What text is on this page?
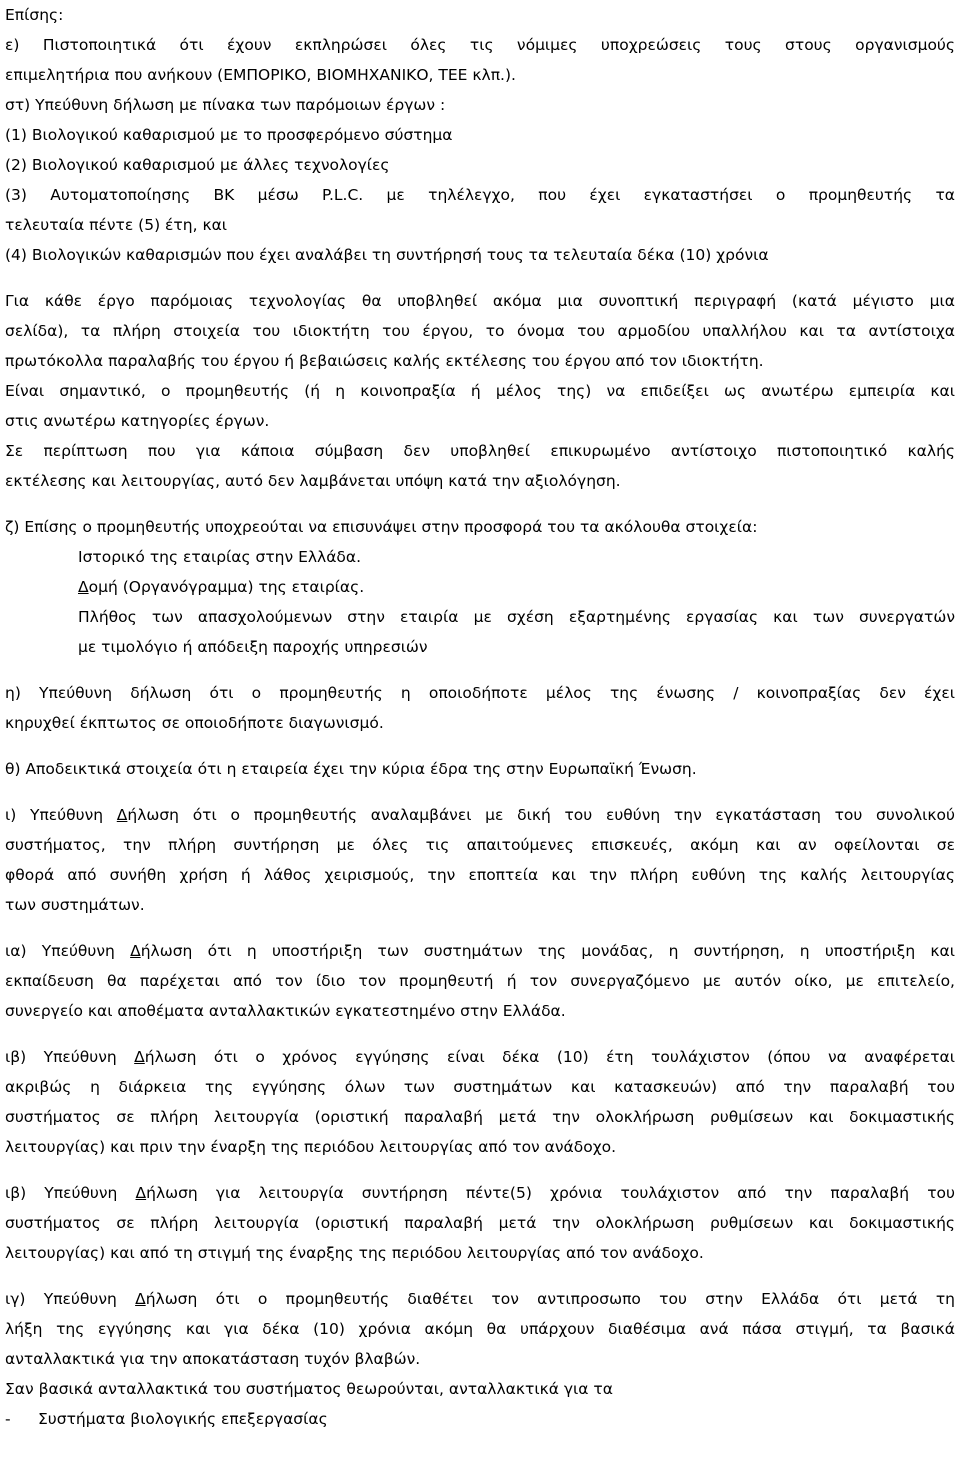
Επίσης:
ε) Πιστοποιητικά ότι έχουν εκπληρώσει όλες τις νόμιμες υποχρεώσεις τους στους οργανισμούς
επιμελητήρια που ανήκουν (ΕΜΠΟΡΙΚΟ, ΒΙΟΜΗΧΑΝΙΚΟ, ΤΕΕ κλπ.).
στ) Υπεύθυνη δήλωση με πίνακα των παρόμοιων έργων :
(1) Βιολογικού καθαρισμού με το προσφερόμενο σύστημα
(2) Βιολογικού καθαρισμού με άλλες τεχνολογίες
(3) Αυτοματοποίησης ΒΚ μέσω P.L.C. με τηλέλεγχο, που έχει εγκαταστήσει ο προμηθευτής τα
τελευταία πέντε (5) έτη, και
(4) Βιολογικών καθαρισμών που έχει αναλάβει τη συντήρησή τους τα τελευταία δέκα (10) χρόνια
Για κάθε έργο παρόμοιας τεχνολογίας θα υποβληθεί ακόμα μια συνοπτική περιγραφή (κατά μέγιστο μια
σελίδα), τα πλήρη στοιχεία του ιδιοκτήτη του έργου, το όνομα του αρμοδίου υπαλλήλου και τα αντίστοιχα
πρωτόκολλα παραλαβής του έργου ή βεβαιώσεις καλής εκτέλεσης του έργου από τον ιδιοκτήτη.
Είναι σημαντικό, ο προμηθευτής (ή η κοινοπραξία ή μέλος της) να επιδείξει ως ανωτέρω εμπειρία και
στις ανωτέρω κατηγορίες έργων.
Σε περίπτωση που για κάποια σύμβαση δεν υποβληθεί επικυρωμένο αντίστοιχο πιστοποιητικό καλής
εκτέλεσης και λειτουργίας, αυτό δεν λαμβάνεται υπόψη κατά την αξιολόγηση.
ζ) Επίσης ο προμηθευτής υποχρεούται να επισυνάψει στην προσφορά του τα ακόλουθα στοιχεία:
Ιστορικό της εταιρίας στην Ελλάδα.
Δομή (Οργανόγραμμα) της εταιρίας.
Πλήθος των απασχολούμενων στην εταιρία με σχέση εξαρτημένης εργασίας και των συνεργατών
με τιμολόγιο ή απόδειξη παροχής υπηρεσιών
η) Υπεύθυνη δήλωση ότι ο προμηθευτής η οποιοδήποτε μέλος της ένωσης / κοινοπραξίας δεν έχει
κηρυχθεί έκπτωτος σε οποιοδήποτε διαγωνισμό.
θ) Αποδεικτικά στοιχεία ότι η εταιρεία έχει την κύρια έδρα της στην Ευρωπαϊκή Ένωση.
ι) Υπεύθυνη Δήλωση ότι ο προμηθευτής αναλαμβάνει με δική του ευθύνη την εγκατάσταση του συνολικού
συστήματος, την πλήρη συντήρηση με όλες τις απαιτούμενες επισκευές, ακόμη και αν οφείλονται σε
φθορά από συνήθη χρήση ή λάθος χειρισμούς, την εποπτεία και την πλήρη ευθύνη της καλής λειτουργίας
των συστημάτων.
ια) Υπεύθυνη Δήλωση ότι η υποστήριξη των συστημάτων της μονάδας, η συντήρηση, η υποστήριξη και
εκπαίδευση θα παρέχεται από τον ίδιο τον προμηθευτή ή τον συνεργαζόμενο με αυτόν οίκο, με επιτελείο,
συνεργείο και αποθέματα ανταλλακτικών εγκατεστημένο στην Ελλάδα.
ιβ) Υπεύθυνη Δήλωση ότι ο χρόνος εγγύησης είναι δέκα (10) έτη τουλάχιστον (όπου να αναφέρεται
ακριβώς η διάρκεια της εγγύησης όλων των συστημάτων και κατασκευών) από την παραλαβή του
συστήματος σε πλήρη λειτουργία (οριστική παραλαβή μετά την ολοκλήρωση ρυθμίσεων και δοκιμαστικής
λειτουργίας) και πριν την έναρξη της περιόδου λειτουργίας από τον ανάδοχο.
ιβ) Υπεύθυνη Δήλωση για λειτουργία συντήρηση πέντε(5) χρόνια τουλάχιστον από την παραλαβή του
συστήματος σε πλήρη λειτουργία (οριστική παραλαβή μετά την ολοκλήρωση ρυθμίσεων και δοκιμαστικής
λειτουργίας) και από τη στιγμή της έναρξης της περιόδου λειτουργίας από τον ανάδοχο.
ιγ) Υπεύθυνη Δήλωση ότι ο προμηθευτής διαθέτει τον αντιπροσωπο του στην Ελλάδα ότι μετά τη
λήξη της εγγύησης και για δέκα (10) χρόνια ακόμη θα υπάρχουν διαθέσιμα ανά πάσα στιγμή, τα βασικά
ανταλλακτικά για την αποκατάσταση τυχόν βλαβών.
Σαν βασικά ανταλλακτικά του συστήματος θεωρούνται, ανταλλακτικά για τα
- Συστήματα βιολογικής επεξεργασίας
